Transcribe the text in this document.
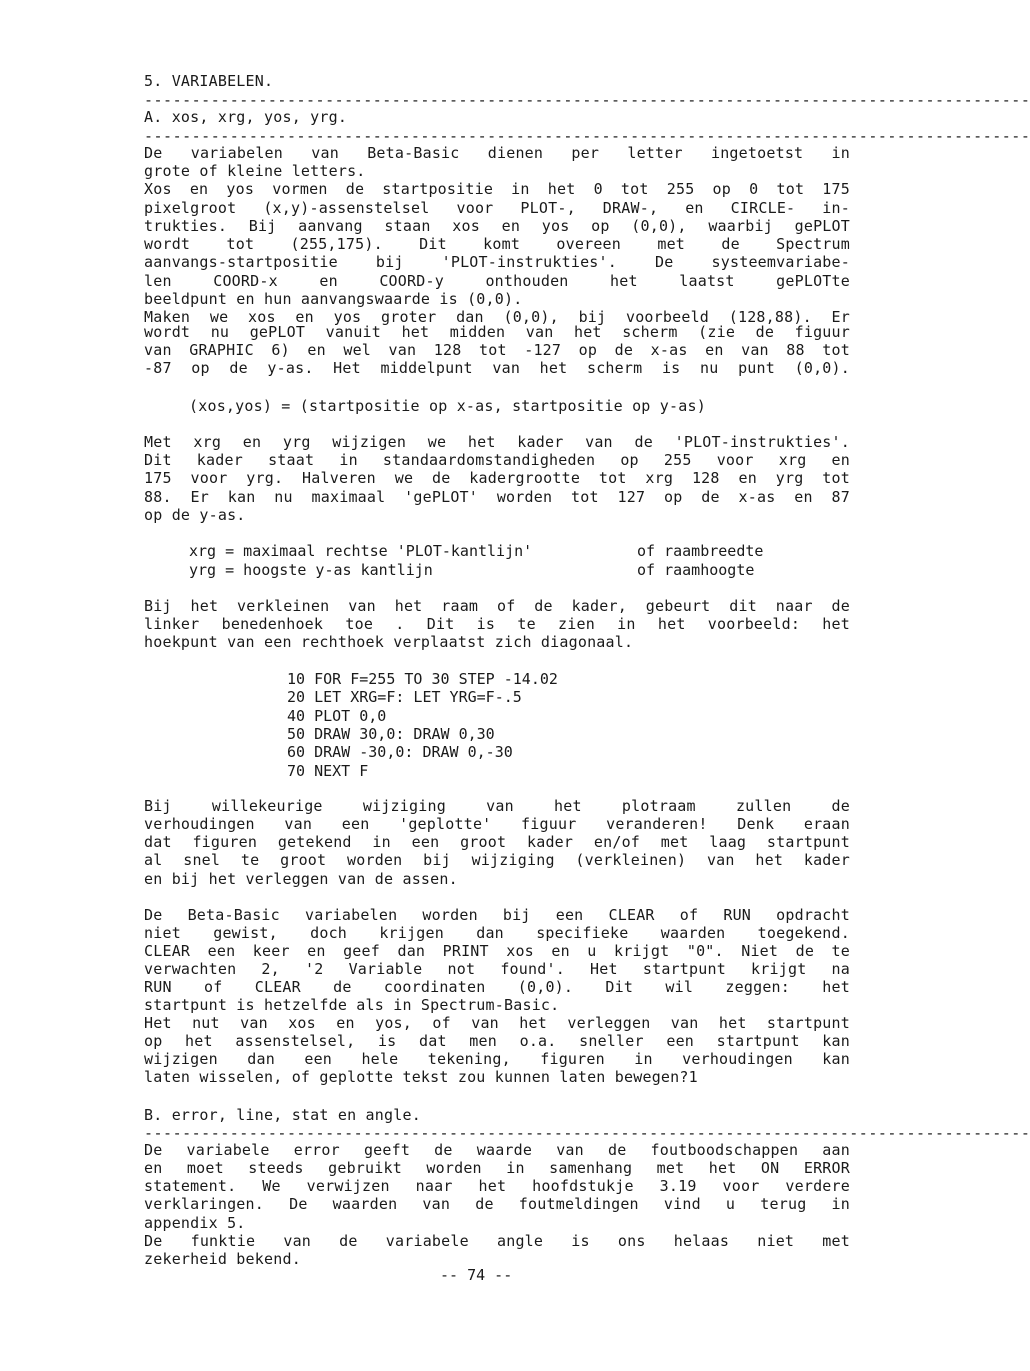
5. VARIABELEN.
---------------------------------------------------------------------------------------------
A. xos, xrg, yos, yrg.
---------------------------------------------------------------------------------------------
De variabelen van Beta-Basic dienen per letter ingetoetst in
grote of kleine letters.
Xos en yos vormen de startpositie in het 0 tot 255 op 0 tot 175
pixelgroot (x,y)-assenstelsel voor PLOT-, DRAW-, en CIRCLE- in-
trukties. Bij aanvang staan xos en yos op (0,0), waarbij gePLOT
wordt tot (255,175). Dit komt overeen met de Spectrum
aanvangs-startpositie bij 'PLOT-instrukties'. De systeemvariabe-
len COORD-x en COORD-y onthouden het laatst gePLOTte
beeldpunt en hun aanvangswaarde is (0,0).
Maken we xos en yos groter dan (0,0), bij voorbeeld (128,88). Er
wordt nu gePLOT vanuit het midden van het scherm (zie de figuur
van GRAPHIC 6) en wel van 128 tot -127 op de x-as en van 88 tot
-87 op de y-as. Het middelpunt van het scherm is nu punt (0,0).
(xos,yos) = (startpositie op x-as, startpositie op y-as)
Met xrg en yrg wijzigen we het kader van de 'PLOT-instrukties'.
Dit kader staat in standaardomstandigheden op 255 voor xrg en
175 voor yrg. Halveren we de kadergrootte tot xrg 128 en yrg tot
88. Er kan nu maximaal 'gePLOT' worden tot 127 op de x-as en 87
op de y-as.
xrg = maximaal rechtse 'PLOT-kantlijn'	of raambreedte
yrg = hoogste y-as kantlijn	of raamhoogte
Bij het verkleinen van het raam of de kader, gebeurt dit naar de
linker benedenhoek toe . Dit is te zien in het voorbeeld: het
hoekpunt van een rechthoek verplaatst zich diagonaal.
10 FOR F=255 TO 30 STEP -14.02
20 LET XRG=F: LET YRG=F-.5
40 PLOT 0,0
50 DRAW 30,0: DRAW 0,30
60 DRAW -30,0: DRAW 0,-30
70 NEXT F
Bij willekeurige wijziging van het plotraam zullen de
verhoudingen van een 'geplotte' figuur veranderen! Denk eraan
dat figuren getekend in een groot kader en/of met laag startpunt
al snel te groot worden bij wijziging (verkleinen) van het kader
en bij het verleggen van de assen.
De Beta-Basic variabelen worden bij een CLEAR of RUN opdracht
niet gewist, doch krijgen dan specifieke waarden toegekend.
CLEAR een keer en geef dan PRINT xos en u krijgt "0". Niet de te
verwachten 2, '2 Variable not found'. Het startpunt krijgt na
RUN of CLEAR de coordinaten (0,0). Dit wil zeggen: het
startpunt is hetzelfde als in Spectrum-Basic.
Het nut van xos en yos, of van het verleggen van het startpunt
op het assenstelsel, is dat men o.a. sneller een startpunt kan
wijzigen dan een hele tekening, figuren in verhoudingen kan
laten wisselen, of geplotte tekst zou kunnen laten bewegen?1
B. error, line, stat en angle.
---------------------------------------------------------------------------------------------
De variabele error geeft de waarde van de foutboodschappen aan
en moet steeds gebruikt worden in samenhang met het ON ERROR
statement. We verwijzen naar het hoofdstukje 3.19 voor verdere
verklaringen. De waarden van de foutmeldingen vind u terug in
appendix 5.
De funktie van de variabele angle is ons helaas niet met
zekerheid bekend.
-- 74 --
